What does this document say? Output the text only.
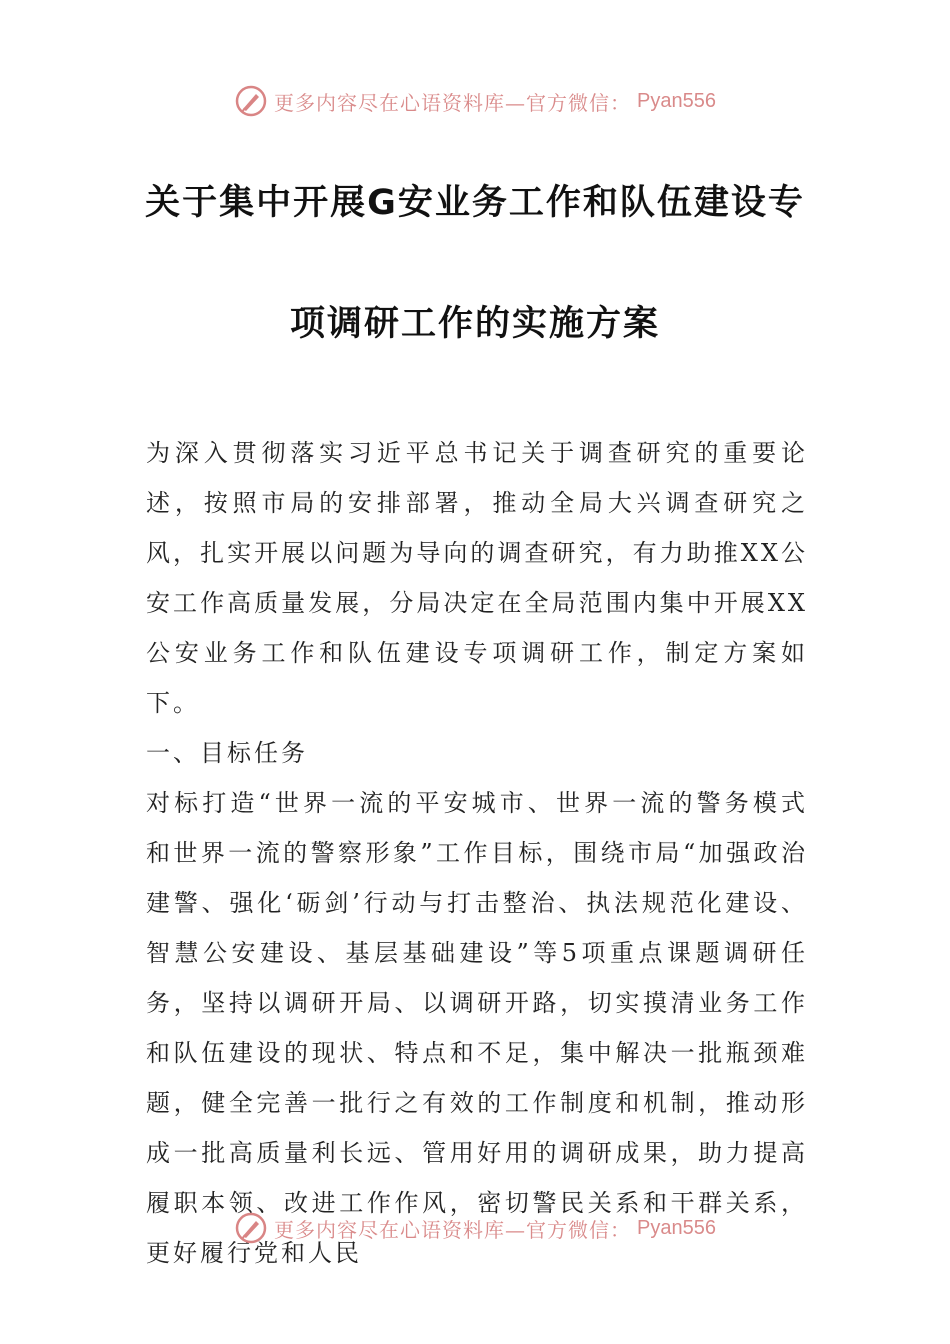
更多内容尽在心语资料库—官方微信： Pyan556
关于集中开展G安业务工作和队伍建设专
项调研工作的实施方案

为深入贯彻落实习近平总书记关于调查研究的重要论述，按照市局的安排部署，推动全局大兴调查研究之风，扎实开展以问题为导向的调查研究，有力助推XX公安工作高质量发展，分局决定在全局范围内集中开展XX公安业务工作和队伍建设专项调研工作，制定方案如下。

一、目标任务

对标打造“世界一流的平安城市、世界一流的警务模式和世界一流的警察形象”工作目标，围绕市局“加强政治建警、强化‘砺剑’行动与打击整治、执法规范化建设、智慧公安建设、基层基础建设”等5项重点课题调研任务，坚持以调研开局、以调研开路，切实摸清业务工作和队伍建设的现状、特点和不足，集中解决一批瓶颈难题，健全完善一批行之有效的工作制度和机制，推动形成一批高质量利长远、管用好用的调研成果，助力提高履职本领、改进工作作风，密切警民关系和干群关系，更好履行党和人民

更多内容尽在心语资料库—官方微信： Pyan556
